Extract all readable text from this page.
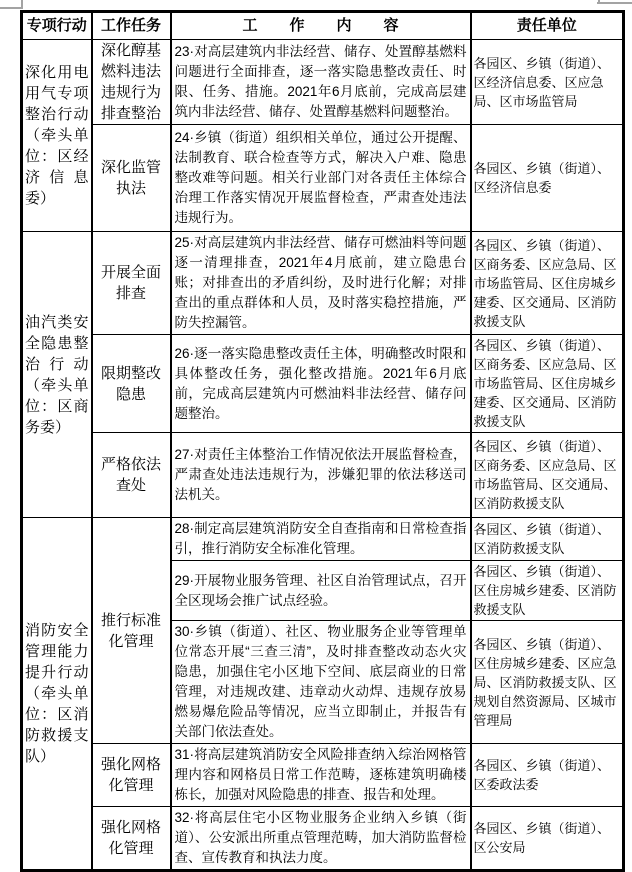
专项行动	工作任务	工作内容	责任单位
深化用电用气专项整治行动（牵头单位：区经济信息委）	深化醇基燃料违法违规行为排查整治	23·对高层建筑内非法经营、储存、处置醇基燃料问题进行全面排查，逐一落实隐患整改责任、时限、任务、措施。2021年6月底前，完成高层建筑内非法经营、储存、处置醇基燃料问题整治。	各园区、乡镇（街道）、区经济信息委、区应急局、区市场监管局
	深化监管执法	24·乡镇（街道）组织相关单位，通过公开提醒、法制教育、联合检查等方式，解决入户难、隐患整改难等问题。相关行业部门对各责任主体综合治理工作落实情况开展监督检查，严肃查处违法违规行为。	各园区、乡镇（街道）、区经济信息委
油汽类安全隐患整治行动（牵头单位：区商务委）	开展全面排查	25·对高层建筑内非法经营、储存可燃油料等问题逐一清理排查，2021年4月底前，建立隐患台账；对排查出的矛盾纠纷，及时进行化解；对排查出的重点群体和人员，及时落实稳控措施，严防失控漏管。	各园区、乡镇（街道）、区商务委、区应急局、区市场监管局、区住房城乡建委、区交通局、区消防救援支队
	限期整改隐患	26·逐一落实隐患整改责任主体，明确整改时限和具体整改任务，强化整改措施。2021年6月底前，完成高层建筑内可燃油料非法经营、储存问题整治。	各园区、乡镇（街道）、区商务委、区应急局、区市场监管局、区住房城乡建委、区交通局、区消防救援支队
	严格依法查处	27·对责任主体整治工作情况依法开展监督检查，严肃查处违法违规行为，涉嫌犯罪的依法移送司法机关。	各园区、乡镇（街道）、区商务委、区应急局、区市场监管局、区交通局、区消防救援支队
消防安全管理能力提升行动（牵头单位：区消防救援支队）	推行标准化管理	28·制定高层建筑消防安全自查指南和日常检查指引，推行消防安全标准化管理。	各园区、乡镇（街道）、区消防救援支队
		29·开展物业服务管理、社区自治管理试点，召开全区现场会推广试点经验。	各园区、乡镇（街道）、区住房城乡建委、区消防救援支队
		30·乡镇（街道）、社区、物业服务企业等管理单位常态开展“三查三清”，及时排查整改动态火灾隐患，加强住宅小区地下空间、底层商业的日常管理，对违规改建、违章动火动焊、违规存放易燃易爆危险品等情况，应当立即制止，并报告有关部门依法查处。	各园区、乡镇（街道）、区住房城乡建委、区应急局、区消防救援支队、区规划自然资源局、区城市管理局
	强化网格化管理	31·将高层建筑消防安全风险排查纳入综治网格管理内容和网格员日常工作范畴，逐栋建筑明确楼栋长，加强对风险隐患的排查、报告和处理。	各园区、乡镇（街道）、区委政法委
	强化网格化管理	32·将高层住宅小区物业服务企业纳入乡镇（街道）、公安派出所重点管理范畴，加大消防监督检查、宣传教育和执法力度。	各园区、乡镇（街道）、区公安局
